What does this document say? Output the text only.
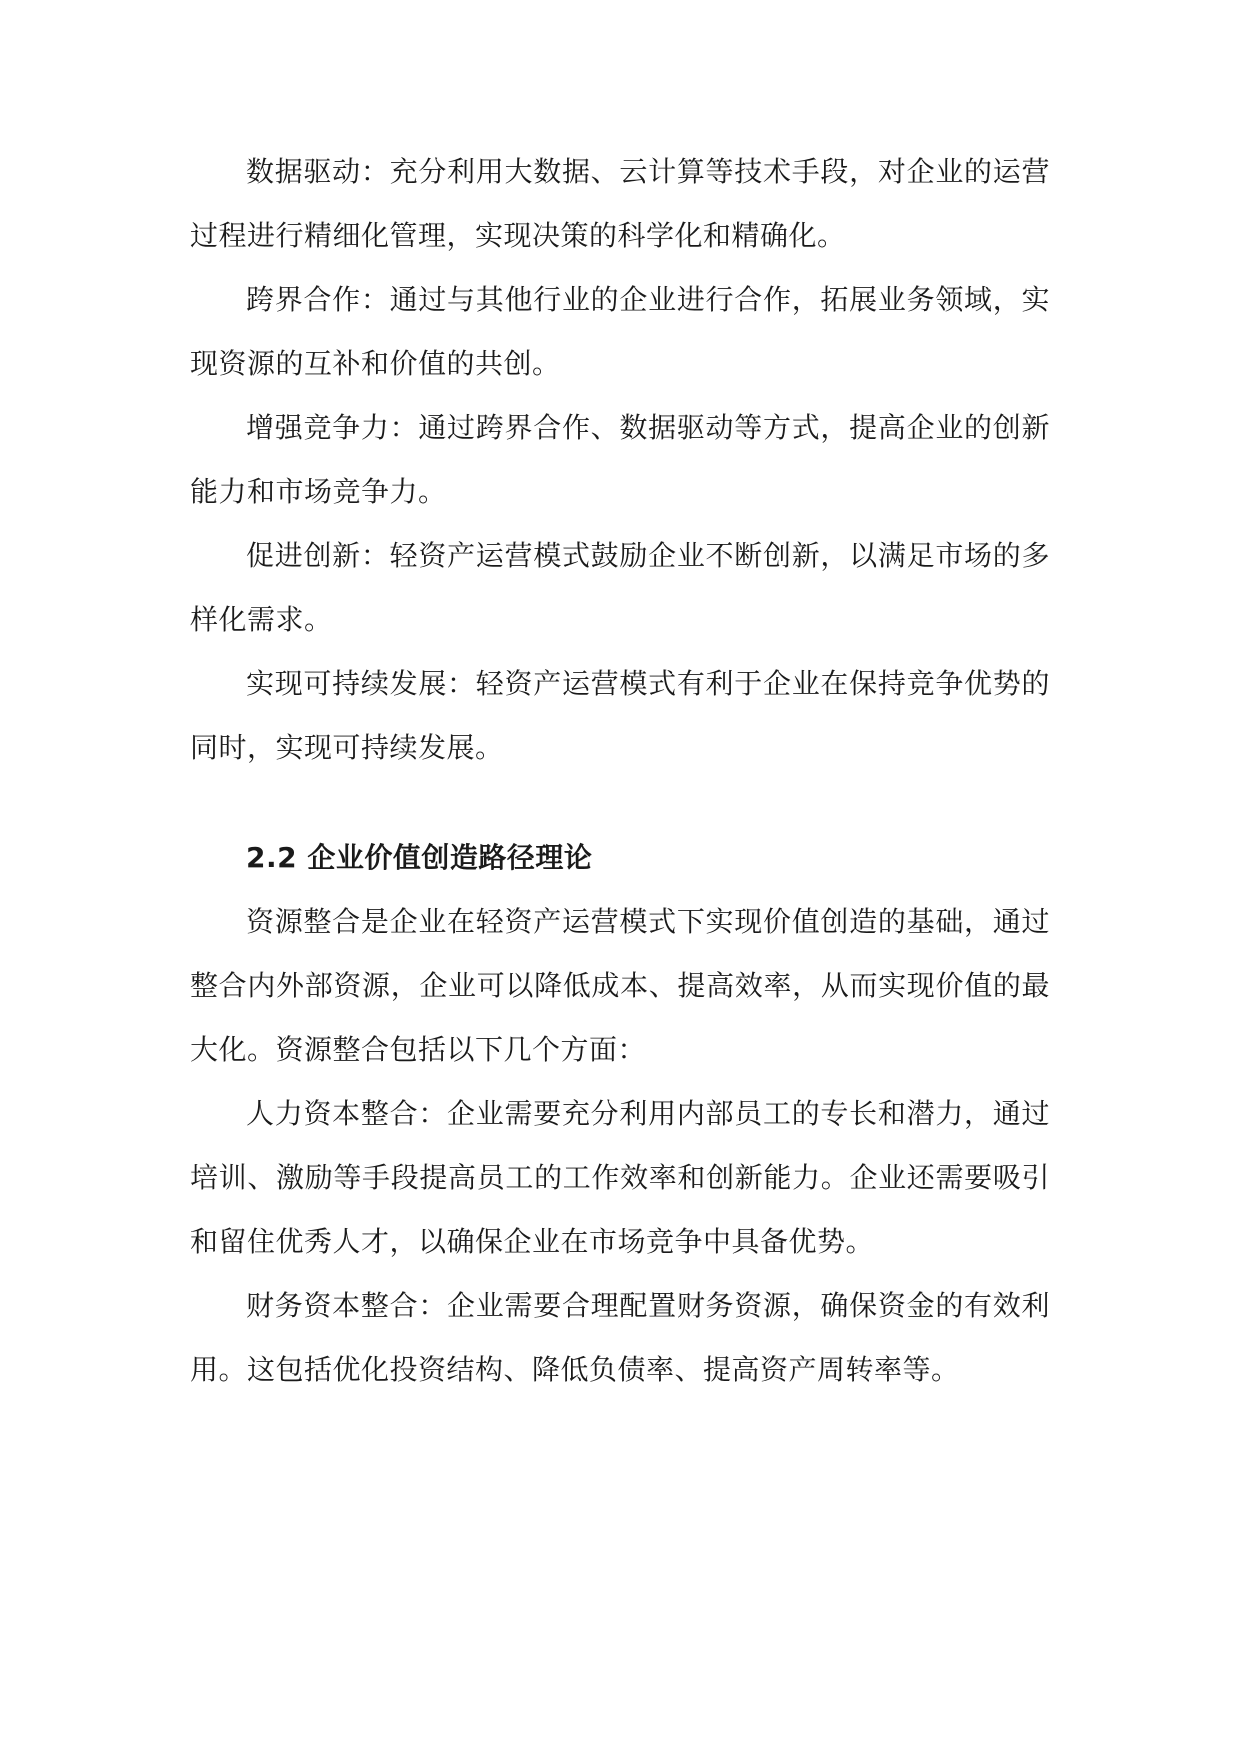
数据驱动：充分利用大数据、云计算等技术手段，对企业的运营过程进行精细化管理，实现决策的科学化和精确化。

跨界合作：通过与其他行业的企业进行合作，拓展业务领域，实现资源的互补和价值的共创。

增强竞争力：通过跨界合作、数据驱动等方式，提高企业的创新能力和市场竞争力。

促进创新：轻资产运营模式鼓励企业不断创新，以满足市场的多样化需求。

实现可持续发展：轻资产运营模式有利于企业在保持竞争优势的同时，实现可持续发展。

2.2 企业价值创造路径理论

资源整合是企业在轻资产运营模式下实现价值创造的基础，通过整合内外部资源，企业可以降低成本、提高效率，从而实现价值的最大化。资源整合包括以下几个方面：

人力资本整合：企业需要充分利用内部员工的专长和潜力，通过培训、激励等手段提高员工的工作效率和创新能力。企业还需要吸引和留住优秀人才，以确保企业在市场竞争中具备优势。

财务资本整合：企业需要合理配置财务资源，确保资金的有效利用。这包括优化投资结构、降低负债率、提高资产周转率等。
